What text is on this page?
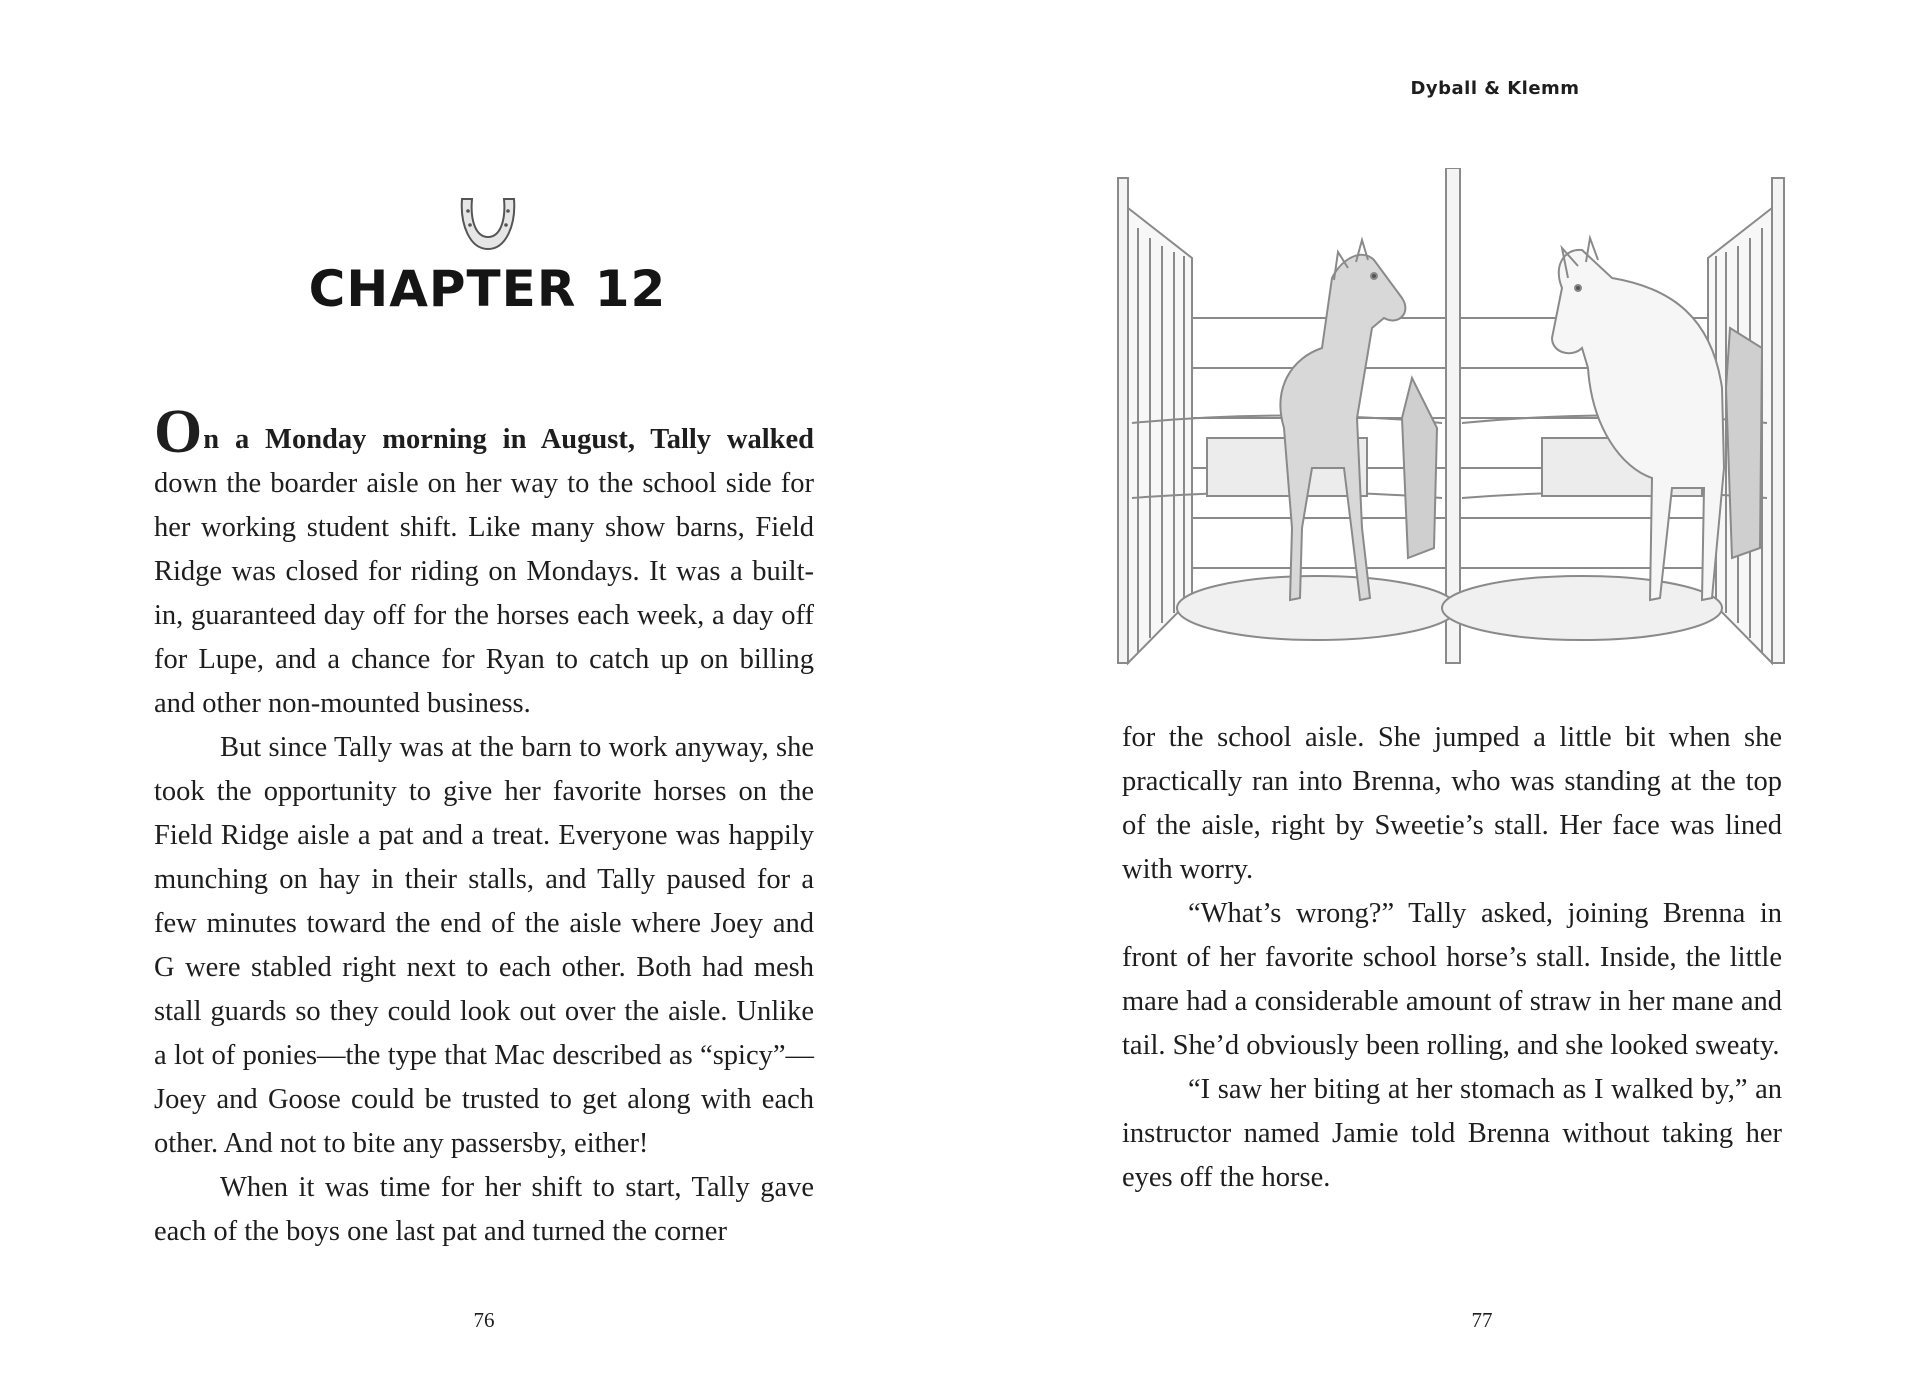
CHAPTER 12

On a Monday morning in August, Tally walked down the boarder aisle on her way to the school side for her working student shift. Like many show barns, Field Ridge was closed for riding on Mondays. It was a built-in, guaranteed day off for the horses each week, a day off for Lupe, and a chance for Ryan to catch up on billing and other non-mounted business.

But since Tally was at the barn to work anyway, she took the opportunity to give her favorite horses on the Field Ridge aisle a pat and a treat. Everyone was happily munching on hay in their stalls, and Tally paused for a few minutes toward the end of the aisle where Joey and G were stabled right next to each other. Both had mesh stall guards so they could look out over the aisle. Unlike a lot of ponies—the type that Mac described as “spicy”—Joey and Goose could be trusted to get along with each other. And not to bite any passersby, either!

When it was time for her shift to start, Tally gave each of the boys one last pat and turned the corner

76
Dyball & Klemm

for the school aisle. She jumped a little bit when she practically ran into Brenna, who was standing at the top of the aisle, right by Sweetie’s stall. Her face was lined with worry.

“What’s wrong?” Tally asked, joining Brenna in front of her favorite school horse’s stall. Inside, the little mare had a considerable amount of straw in her mane and tail. She’d obviously been rolling, and she looked sweaty.

“I saw her biting at her stomach as I walked by,” an instructor named Jamie told Brenna without taking her eyes off the horse.

77
